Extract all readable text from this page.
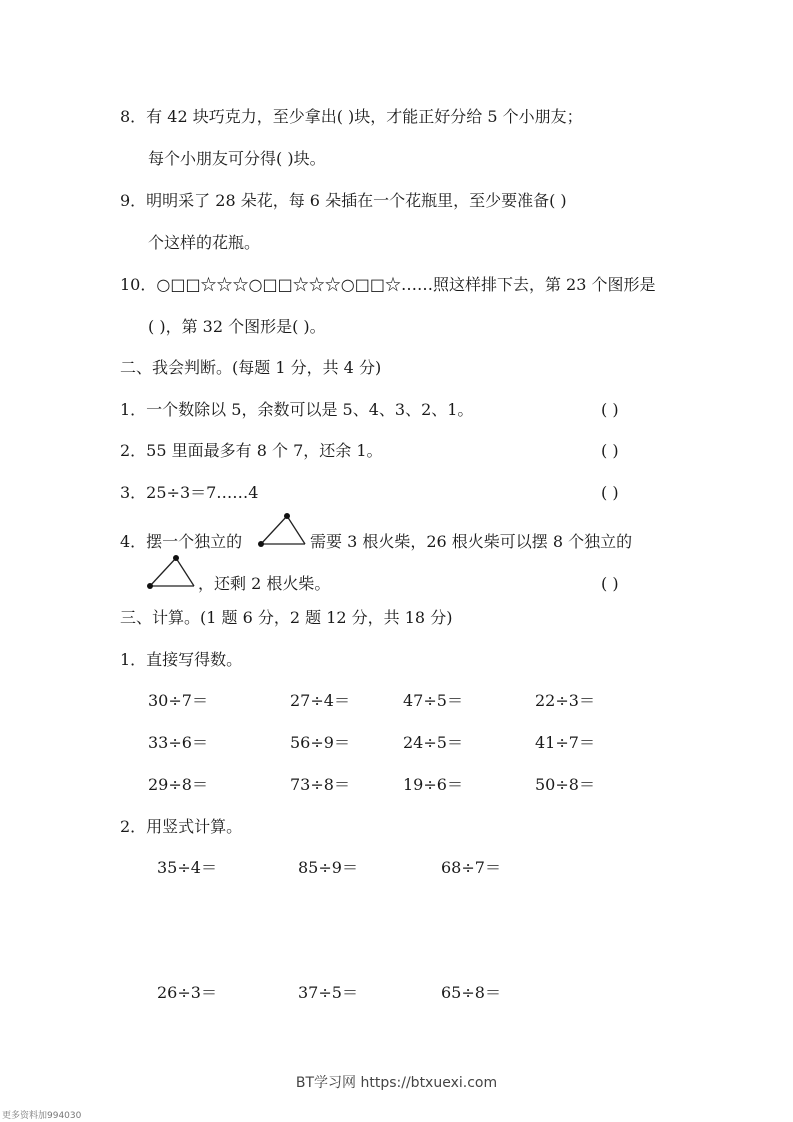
8．有 42 块巧克力，至少拿出( )块，才能正好分给 5 个小朋友；
每个小朋友可分得( )块。
9．明明采了 28 朵花，每 6 朵插在一个花瓶里，至少要准备( )
个这样的花瓶。
10．○□□☆☆☆○□□☆☆☆○□□☆……照这样排下去，第 23 个图形是
( )，第 32 个图形是( )。
二、我会判断。(每题 1 分，共 4 分)
1．一个数除以 5，余数可以是 5、4、3、2、1。	( )
2．55 里面最多有 8 个 7，还余 1。	( )
3．25÷3＝7……4	( )
4．摆一个独立的	需要 3 根火柴，26 根火柴可以摆 8 个独立的
，还剩 2 根火柴。	( )
三、计算。(1 题 6 分，2 题 12 分，共 18 分)
1．直接写得数。
30÷7＝	27÷4＝	47÷5＝	22÷3＝
33÷6＝	56÷9＝	24÷5＝	41÷7＝
29÷8＝	73÷8＝	19÷6＝	50÷8＝
2．用竖式计算。
35÷4＝	85÷9＝	68÷7＝
26÷3＝	37÷5＝	65÷8＝
BT学习网 https://btxuexi.com
更多资料加994030
